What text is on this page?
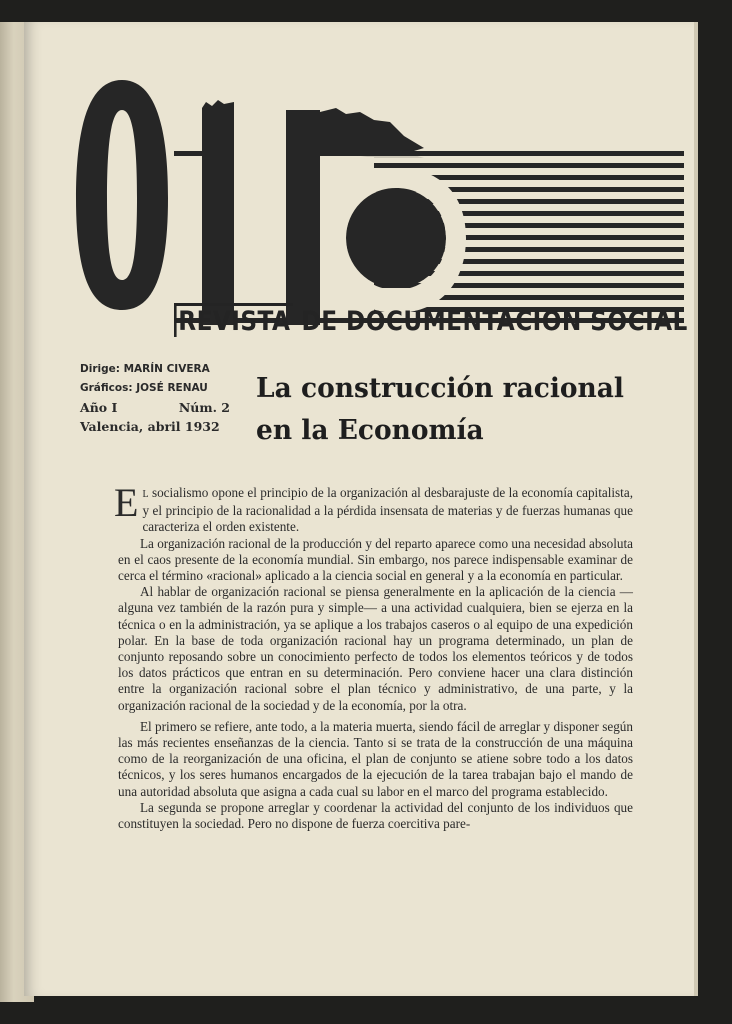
REVISTA DE DOCUMENTACION SOCIAL
Dirige: MARÍN CIVERA
Gráficos: JOSÉ RENAU
Año I	Núm. 2
Valencia, abril 1932
La construcción racional
en la Economía

E L socialismo opone el principio de la organización al desbarajuste de la economía capitalista, y el principio de la racionalidad a la pérdida insensata de materias y de fuerzas humanas que caracteriza el orden existente.

La organización racional de la producción y del reparto aparece como una necesidad absoluta en el caos presente de la economía mundial. Sin embargo, nos parece indispensable examinar de cerca el término «racional» aplicado a la ciencia social en general y a la economía en particular.

Al hablar de organización racional se piensa generalmente en la aplicación de la ciencia —alguna vez también de la razón pura y simple— a una actividad cualquiera, bien se ejerza en la técnica o en la administración, ya se aplique a los trabajos caseros o al equipo de una expedición polar. En la base de toda organización racional hay un programa determinado, un plan de conjunto reposando sobre un conocimiento perfecto de todos los elementos teóricos y de todos los datos prácticos que entran en su determinación. Pero conviene hacer una clara distinción entre la organización racional sobre el plan técnico y administrativo, de una parte, y la organización racional de la sociedad y de la economía, por la otra.

El primero se refiere, ante todo, a la materia muerta, siendo fácil de arreglar y disponer según las más recientes enseñanzas de la ciencia. Tanto si se trata de la construcción de una máquina como de la reorganización de una oficina, el plan de conjunto se atiene sobre todo a los datos técnicos, y los seres humanos encargados de la ejecución de la tarea trabajan bajo el mando de una autoridad absoluta que asigna a cada cual su labor en el marco del programa establecido.

La segunda se propone arreglar y coordenar la actividad del conjunto de los individuos que constituyen la sociedad. Pero no dispone de fuerza coercitiva pare-
